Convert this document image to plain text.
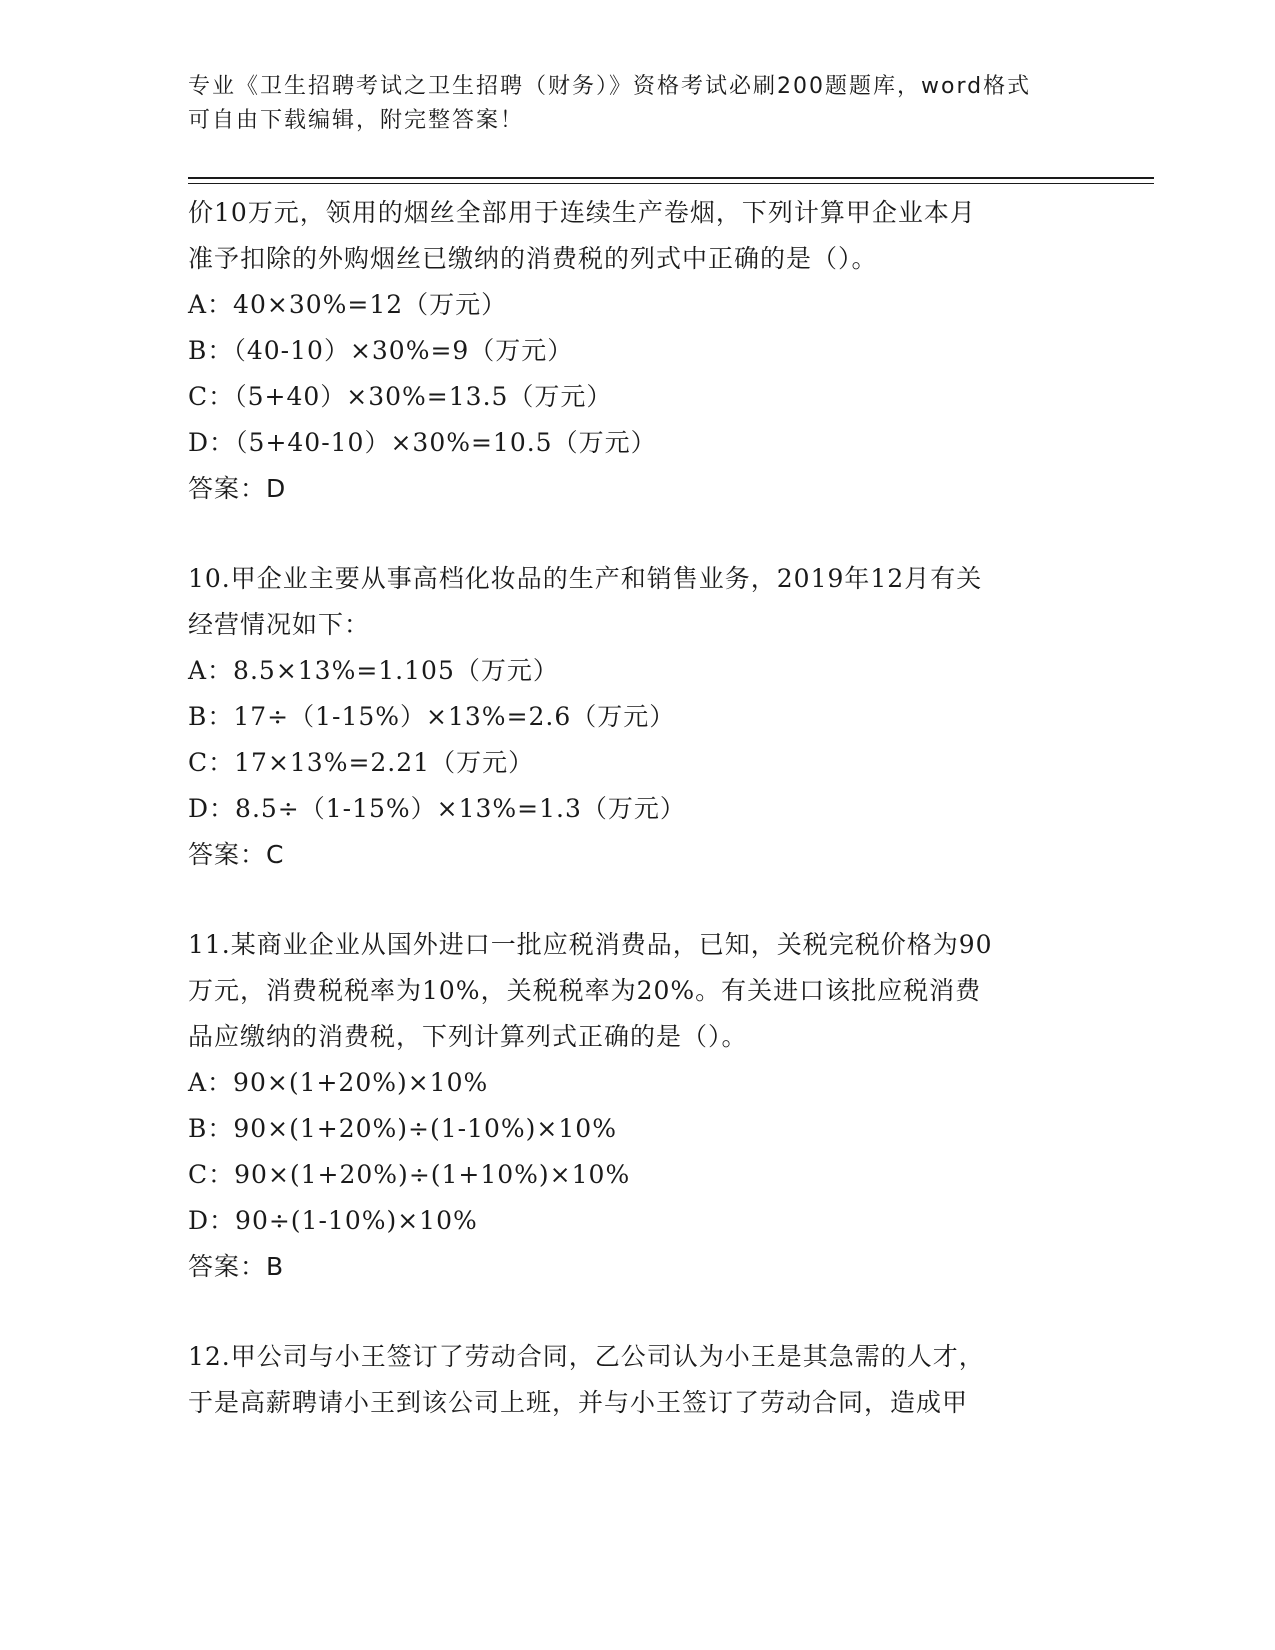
专业《卫生招聘考试之卫生招聘（财务）》资格考试必刷200题题库，word格式
可自由下载编辑，附完整答案！
价10万元，领用的烟丝全部用于连续生产卷烟，下列计算甲企业本月
准予扣除的外购烟丝已缴纳的消费税的列式中正确的是（）。
A：40×30%=12（万元）
B：（40-10）×30%=9（万元）
C：（5+40）×30%=13.5（万元）
D：（5+40-10）×30%=10.5（万元）
答案：D
10.甲企业主要从事高档化妆品的生产和销售业务，2019年12月有关
经营情况如下：
A：8.5×13%=1.105（万元）
B：17÷（1-15%）×13%=2.6（万元）
C：17×13%=2.21（万元）
D：8.5÷（1-15%）×13%=1.3（万元）
答案：C
11.某商业企业从国外进口一批应税消费品，已知，关税完税价格为90
万元，消费税税率为10%，关税税率为20%。有关进口该批应税消费
品应缴纳的消费税，下列计算列式正确的是（）。
A：90×(1+20%)×10%
B：90×(1+20%)÷(1-10%)×10%
C：90×(1+20%)÷(1+10%)×10%
D：90÷(1-10%)×10%
答案：B
12.甲公司与小王签订了劳动合同，乙公司认为小王是其急需的人才，
于是高薪聘请小王到该公司上班，并与小王签订了劳动合同，造成甲
